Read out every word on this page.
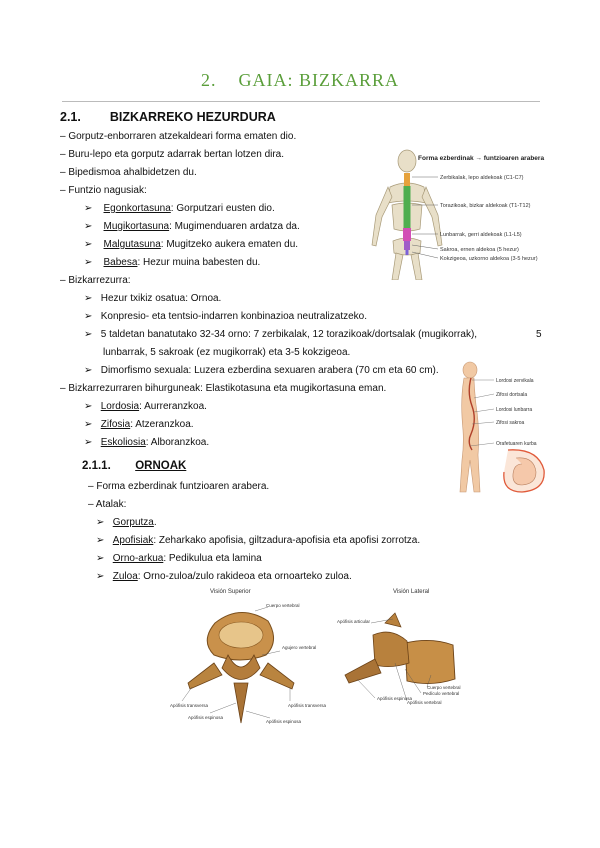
2. GAIA: BIZKARRA
2.1. BIZKARREKO HEZURDURA
– Gorputz-enborraren atzekaldeari forma ematen dio.
– Buru-lepo eta gorputz adarrak bertan lotzen dira.
– Bipedismoa ahalbidetzen du.
– Funtzio nagusiak:
➢ Egonkortasuna: Gorputzari eusten dio.
➢ Mugikortasuna: Mugimenduaren ardatza da.
➢ Malgutasuna: Mugitzeko aukera ematen du.
➢ Babesa: Hezur muina babesten du.
– Bizkarrezurra:
➢ Hezur txikiz osatua: Ornoa.
➢ Konpresio- eta tentsio-indarren konbinazioa neutralizatzeko.
➢ 5 taldetan banatutako 32-34 orno: 7 zerbikalak, 12 torazikoak/dortsalak (mugikorrak),	5
lunbarrak, 5 sakroak (ez mugikorrak) eta 3-5 kokzigeoa.
➢ Dimorfismo sexuala: Luzera ezberdina sexuaren arabera (70 cm eta 60 cm).
– Bizkarrezurraren bihurguneak: Elastikotasuna eta mugikortasuna eman.
➢ Lordosia: Aurreranzkoa.
➢ Zifosia: Atzeranzkoa.
➢ Eskoliosia: Alboranzkoa.
2.1.1. ORNOAK
– Forma ezberdinak funtzioaren arabera.
– Atalak:
➢ Gorputza.
➢ Apofisiak: Zeharkako apofisia, giltzadura-apofisia eta apofisi zorrotza.
➢ Orno-arkua: Pedikulua eta lamina
➢ Zuloa: Orno-zuloa/zulo rakideoa eta ornoarteko zuloa.
Forma ezberdinak → funtzioaren arabera
Zerbikalak, lepo aldekoak (C1-C7)
Torazikoak, bizkar aldekoak (T1-T12)
Lunbarrak, gerri aldekoak (L1-L5)
Sakroa, ernen aldekoa (5 hezur)
Kokzigeoa, uzkorno aldekoa (3-5 hezur)
Lordosi zervikala
Zifosi dortsala
Lordosi lunbarra
Zifosi sakroa
Orafetuaren kurba
Visión Superior
Cuerpo vertebral
Agujero vertebral
Apófisis transversa
Apófisis espinosa
Apófisis transversa
Apófisis espinosa
Visión Lateral
Apófisis articular
Cuerpo vertebral
Pedículo vertebral
Apófisis espinosa
Apófisis vertebral
